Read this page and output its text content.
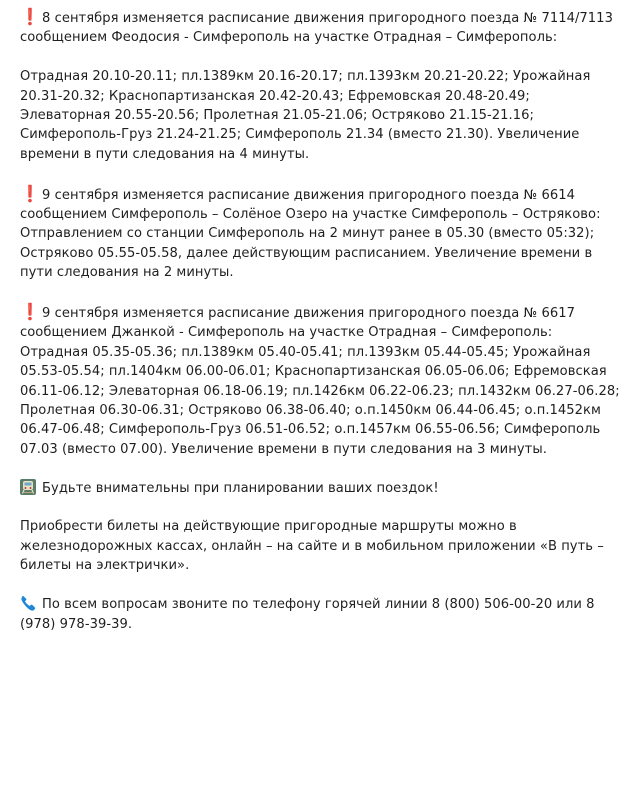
❗ 8 сентября изменяется расписание движения пригородного поезда № 7114/7113 сообщением Феодосия - Симферополь на участке Отрадная – Симферополь:
Отрадная 20.10-20.11; пл.1389км 20.16-20.17; пл.1393км 20.21-20.22; Урожайная 20.31-20.32; Краснопартизанская 20.42-20.43; Ефремовская 20.48-20.49; Элеваторная 20.55-20.56; Пролетная 21.05-21.06; Остряково 21.15-21.16; Симферополь-Груз 21.24-21.25; Симферополь 21.34 (вместо 21.30). Увеличение времени в пути следования на 4 минуты.
❗ 9 сентября изменяется расписание движения пригородного поезда № 6614 сообщением Симферополь – Солёное Озеро на участке Симферополь – Остряково:
Отправлением со станции Симферополь на 2 минут ранее в 05.30 (вместо 05:32); Остряково 05.55-05.58, далее действующим расписанием. Увеличение времени в пути следования на 2 минуты.
❗ 9 сентября изменяется расписание движения пригородного поезда № 6617 сообщением Джанкой - Симферополь на участке Отрадная – Симферополь:
Отрадная 05.35-05.36; пл.1389км 05.40-05.41; пл.1393км 05.44-05.45; Урожайная 05.53-05.54; пл.1404км 06.00-06.01; Краснопартизанская 06.05-06.06; Ефремовская 06.11-06.12; Элеваторная 06.18-06.19; пл.1426км 06.22-06.23; пл.1432км 06.27-06.28; Пролетная 06.30-06.31; Остряково 06.38-06.40; о.п.1450км 06.44-06.45; о.п.1452км 06.47-06.48; Симферополь-Груз 06.51-06.52; о.п.1457км 06.55-06.56; Симферополь 07.03 (вместо 07.00). Увеличение времени в пути следования на 3 минуты.
Будьте внимательны при планировании ваших поездок!
Приобрести билеты на действующие пригородные маршруты можно в железнодорожных кассах, онлайн – на сайте и в мобильном приложении «В путь – билеты на электрички».
По всем вопросам звоните по телефону горячей линии 8 (800) 506-00-20 или 8 (978) 978-39-39.
